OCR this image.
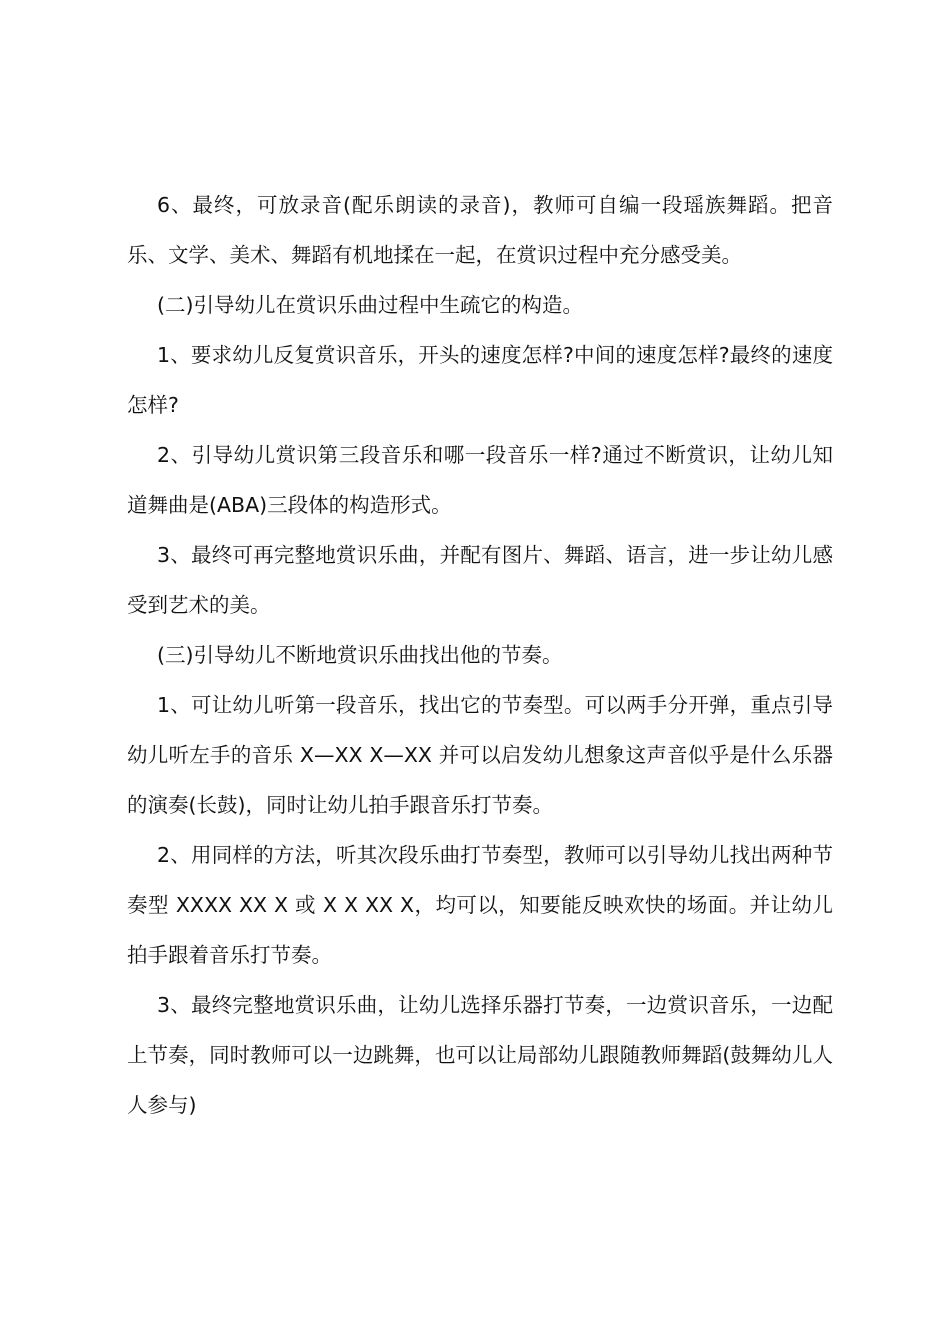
6、最终，可放录音(配乐朗读的录音)，教师可自编一段瑶族舞蹈。把音乐、文学、美术、舞蹈有机地揉在一起，在赏识过程中充分感受美。

(二)引导幼儿在赏识乐曲过程中生疏它的构造。

1、要求幼儿反复赏识音乐，开头的速度怎样?中间的速度怎样?最终的速度怎样?

2、引导幼儿赏识第三段音乐和哪一段音乐一样?通过不断赏识，让幼儿知道舞曲是(ABA)三段体的构造形式。

3、最终可再完整地赏识乐曲，并配有图片、舞蹈、语言，进一步让幼儿感受到艺术的美。

(三)引导幼儿不断地赏识乐曲找出他的节奏。

1、可让幼儿听第一段音乐，找出它的节奏型。可以两手分开弹，重点引导幼儿听左手的音乐 X—XX X—XX 并可以启发幼儿想象这声音似乎是什么乐器的演奏(长鼓)，同时让幼儿拍手跟音乐打节奏。

2、用同样的方法，听其次段乐曲打节奏型，教师可以引导幼儿找出两种节奏型 XXXX XX X 或 X X XX X，均可以，知要能反映欢快的场面。并让幼儿拍手跟着音乐打节奏。

3、最终完整地赏识乐曲，让幼儿选择乐器打节奏，一边赏识音乐，一边配上节奏，同时教师可以一边跳舞，也可以让局部幼儿跟随教师舞蹈(鼓舞幼儿人人参与)
